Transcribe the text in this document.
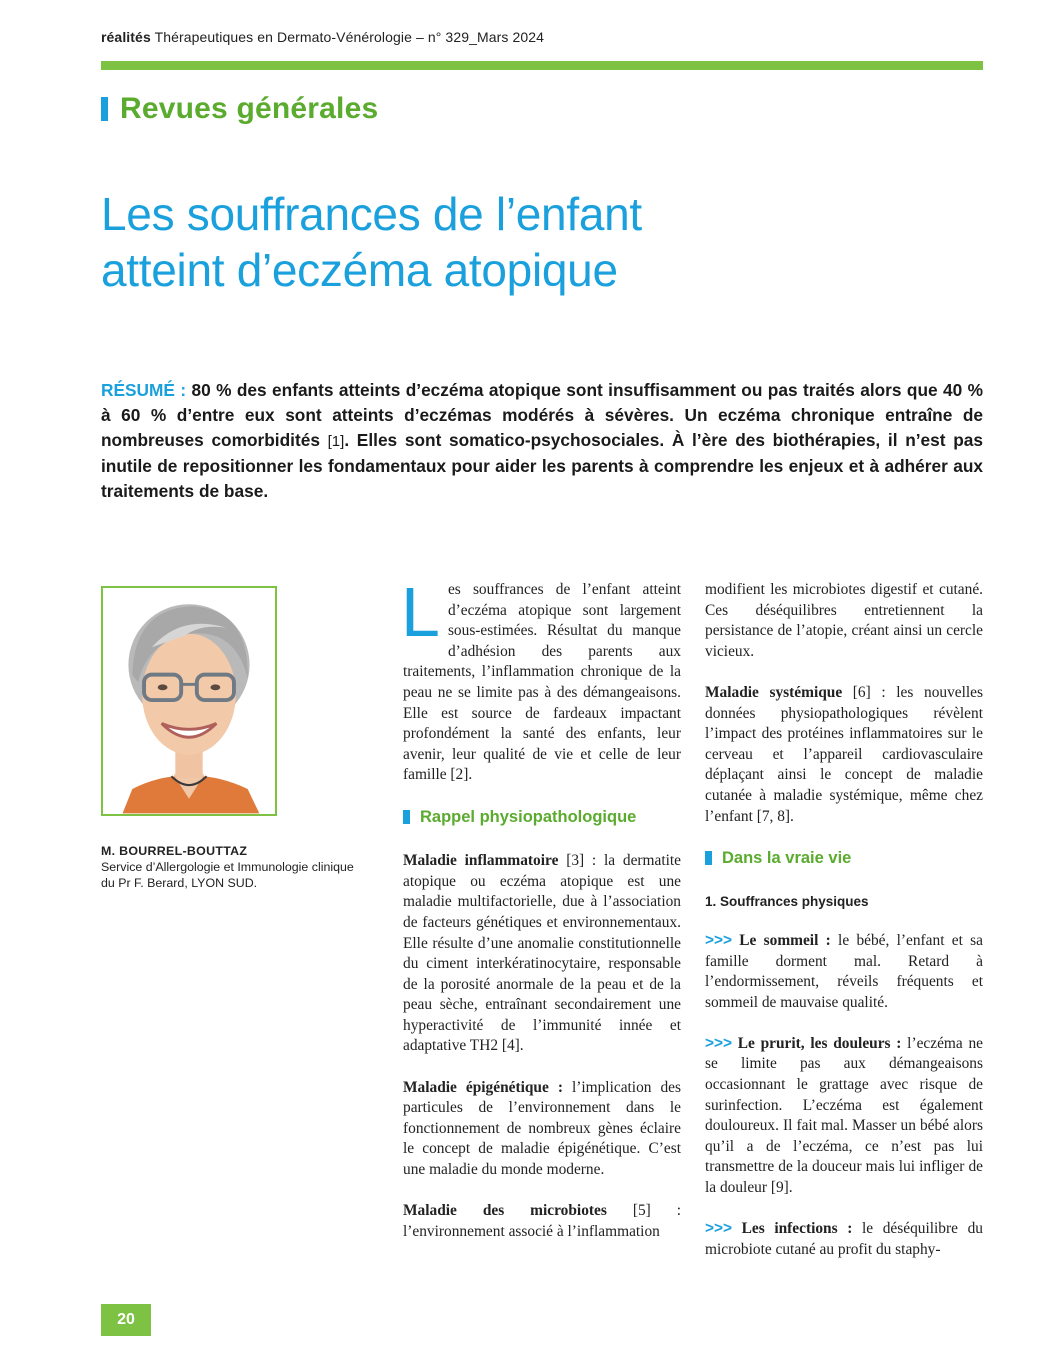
réalités Thérapeutiques en Dermato-Vénérologie – n° 329_Mars 2024
Revues générales
Les souffrances de l’enfant
atteint d’eczéma atopique
RÉSUMÉ : 80 % des enfants atteints d’eczéma atopique sont insuffisamment ou pas traités alors que 40 % à 60 % d’entre eux sont atteints d’eczémas modérés à sévères. Un eczéma chronique entraîne de nombreuses comorbidités [1]. Elles sont somatico-psychosociales. À l’ère des biothérapies, il n’est pas inutile de repositionner les fondamentaux pour aider les parents à comprendre les enjeux et à adhérer aux traitements de base.
M. BOURREL-BOUTTAZ
Service d’Allergologie et Immunologie clinique
du Pr F. Berard, LYON SUD.

Les souffrances de l’enfant atteint d’eczéma atopique sont largement sous-estimées. Résultat du manque d’adhésion des parents aux traitements, l’inflammation chronique de la peau ne se limite pas à des démangeaisons. Elle est source de fardeaux impactant profondément la santé des enfants, leur avenir, leur qualité de vie et celle de leur famille [2].

Rappel physiopathologique

Maladie inflammatoire [3] : la dermatite atopique ou eczéma atopique est une maladie multifactorielle, due à l’association de facteurs génétiques et environnementaux. Elle résulte d’une anomalie constitutionnelle du ciment interkératinocytaire, responsable de la porosité anormale de la peau et de la peau sèche, entraînant secondairement une hyperactivité de l’immunité innée et adaptative TH2 [4].

Maladie épigénétique : l’implication des particules de l’environnement dans le fonctionnement de nombreux gènes éclaire le concept de maladie épigénétique. C’est une maladie du monde moderne.

Maladie des microbiotes [5] : l’environnement associé à l’inflammation

modifient les microbiotes digestif et cutané. Ces déséquilibres entretiennent la persistance de l’atopie, créant ainsi un cercle vicieux.

Maladie systémique [6] : les nouvelles données physiopathologiques révèlent l’impact des protéines inflammatoires sur le cerveau et l’appareil cardiovasculaire déplaçant ainsi le concept de maladie cutanée à maladie systémique, même chez l’enfant [7, 8].

Dans la vraie vie
1. Souffrances physiques

>>> Le sommeil : le bébé, l’enfant et sa famille dorment mal. Retard à l’endormissement, réveils fréquents et sommeil de mauvaise qualité.

>>> Le prurit, les douleurs : l’eczéma ne se limite pas aux démangeaisons occasionnant le grattage avec risque de surinfection. L’eczéma est également douloureux. Il fait mal. Masser un bébé alors qu’il a de l’eczéma, ce n’est pas lui transmettre de la douceur mais lui infliger de la douleur [9].

>>> Les infections : le déséquilibre du microbiote cutané au profit du staphy-

20
